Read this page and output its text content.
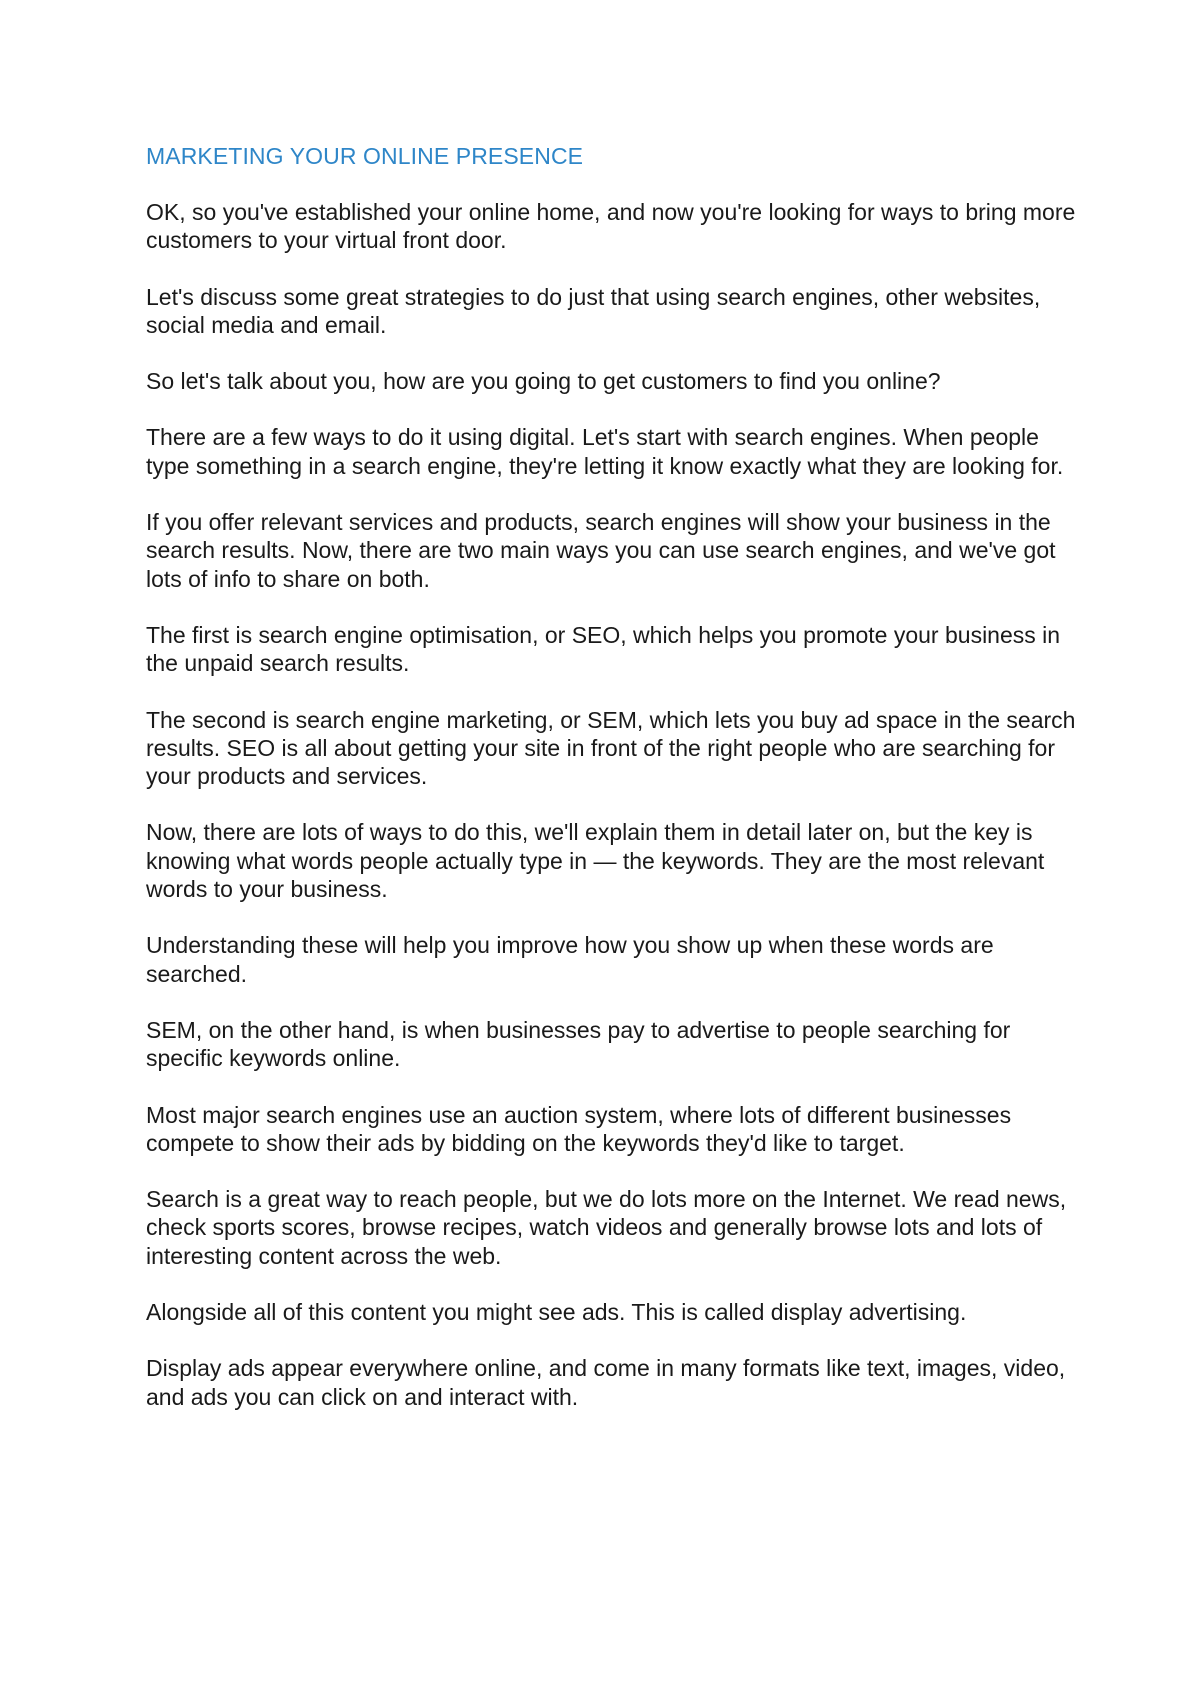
MARKETING YOUR ONLINE PRESENCE

OK, so you've established your online home, and now you're looking for ways to bring more customers to your virtual front door.

Let's discuss some great strategies to do just that using search engines, other websites, social media and email.

So let's talk about you, how are you going to get customers to find you online?

There are a few ways to do it using digital. Let's start with search engines. When people type something in a search engine, they're letting it know exactly what they are looking for.

If you offer relevant services and products, search engines will show your business in the search results. Now, there are two main ways you can use search engines, and we've got lots of info to share on both.

The first is search engine optimisation, or SEO, which helps you promote your business in the unpaid search results.

The second is search engine marketing, or SEM, which lets you buy ad space in the search results. SEO is all about getting your site in front of the right people who are searching for your products and services.

Now, there are lots of ways to do this, we'll explain them in detail later on, but the key is knowing what words people actually type in — the keywords. They are the most relevant words to your business.

Understanding these will help you improve how you show up when these words are searched.

SEM, on the other hand, is when businesses pay to advertise to people searching for specific keywords online.

Most major search engines use an auction system, where lots of different businesses compete to show their ads by bidding on the keywords they'd like to target.

Search is a great way to reach people, but we do lots more on the Internet. We read news, check sports scores, browse recipes, watch videos and generally browse lots and lots of interesting content across the web.

Alongside all of this content you might see ads. This is called display advertising.

Display ads appear everywhere online, and come in many formats like text, images, video, and ads you can click on and interact with.
